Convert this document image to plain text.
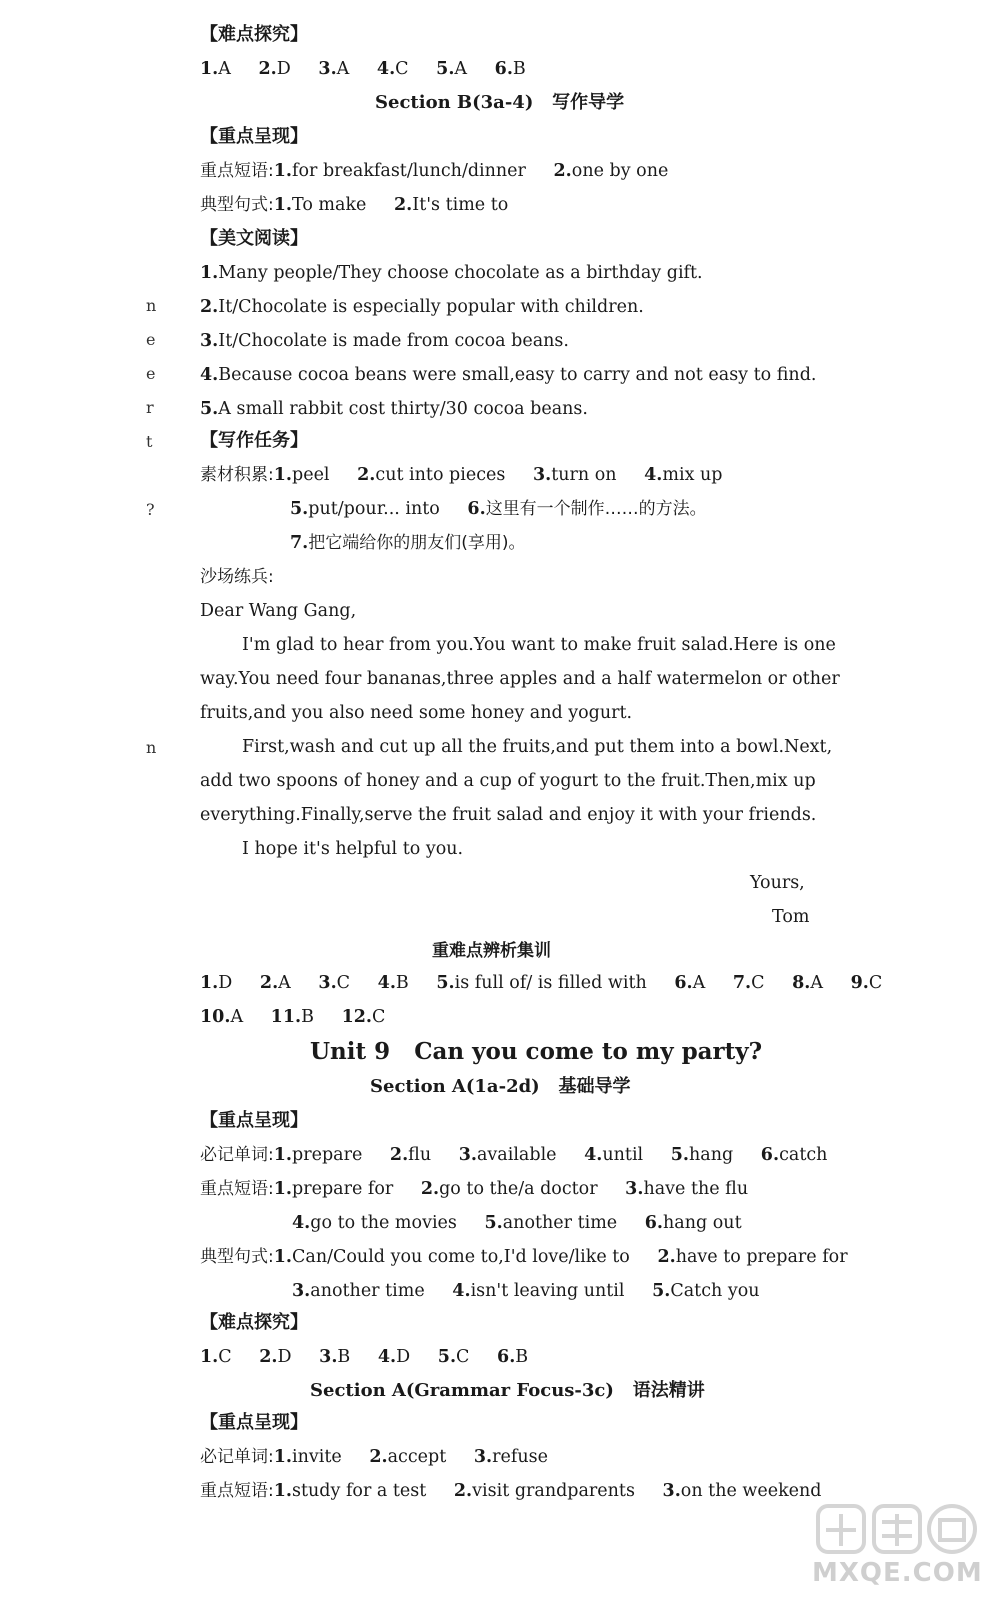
n
e
e
r
t
?
n
【难点探究】
1.A 2.D 3.A 4.C 5.A 6.B
Section B(3a-4) 写作导学
【重点呈现】
重点短语:1.for breakfast/lunch/dinner 2.one by one
典型句式:1.To make 2.It's time to
【美文阅读】
1.Many people/They choose chocolate as a birthday gift.
2.It/Chocolate is especially popular with children.
3.It/Chocolate is made from cocoa beans.
4.Because cocoa beans were small,easy to carry and not easy to find.
5.A small rabbit cost thirty/30 cocoa beans.
【写作任务】
素材积累:1.peel 2.cut into pieces 3.turn on 4.mix up
5.put/pour... into 6.这里有一个制作……的方法。
7.把它端给你的朋友们(享用)。
沙场练兵:
Dear Wang Gang,
I'm glad to hear from you.You want to make fruit salad.Here is one
way.You need four bananas,three apples and a half watermelon or other
fruits,and you also need some honey and yogurt.
First,wash and cut up all the fruits,and put them into a bowl.Next,
add two spoons of honey and a cup of yogurt to the fruit.Then,mix up
everything.Finally,serve the fruit salad and enjoy it with your friends.
I hope it's helpful to you.
Yours,
Tom
重难点辨析集训
1.D 2.A 3.C 4.B 5.is full of/ is filled with 6.A 7.C 8.A 9.C
10.A 11.B 12.C
Unit 9 Can you come to my party?
Section A(1a-2d) 基础导学
【重点呈现】
必记单词:1.prepare 2.flu 3.available 4.until 5.hang 6.catch
重点短语:1.prepare for 2.go to the/a doctor 3.have the flu
4.go to the movies 5.another time 6.hang out
典型句式:1.Can/Could you come to,I'd love/like to 2.have to prepare for
3.another time 4.isn't leaving until 5.Catch you
【难点探究】
1.C 2.D 3.B 4.D 5.C 6.B
Section A(Grammar Focus-3c) 语法精讲
【重点呈现】
必记单词:1.invite 2.accept 3.refuse
重点短语:1.study for a test 2.visit grandparents 3.on the weekend
MXQE.COM
